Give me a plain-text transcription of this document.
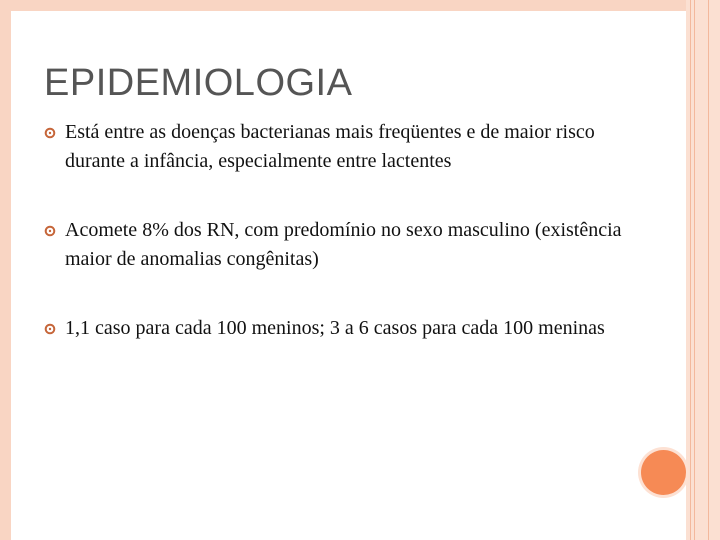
EPIDEMIOLOGIA
Está entre as doenças bacterianas mais freqüentes e de maior risco durante a infância, especialmente entre lactentes
Acomete 8% dos RN, com predomínio no sexo masculino (existência maior de anomalias congênitas)
1,1 caso para cada 100 meninos; 3 a 6 casos para cada 100 meninas
